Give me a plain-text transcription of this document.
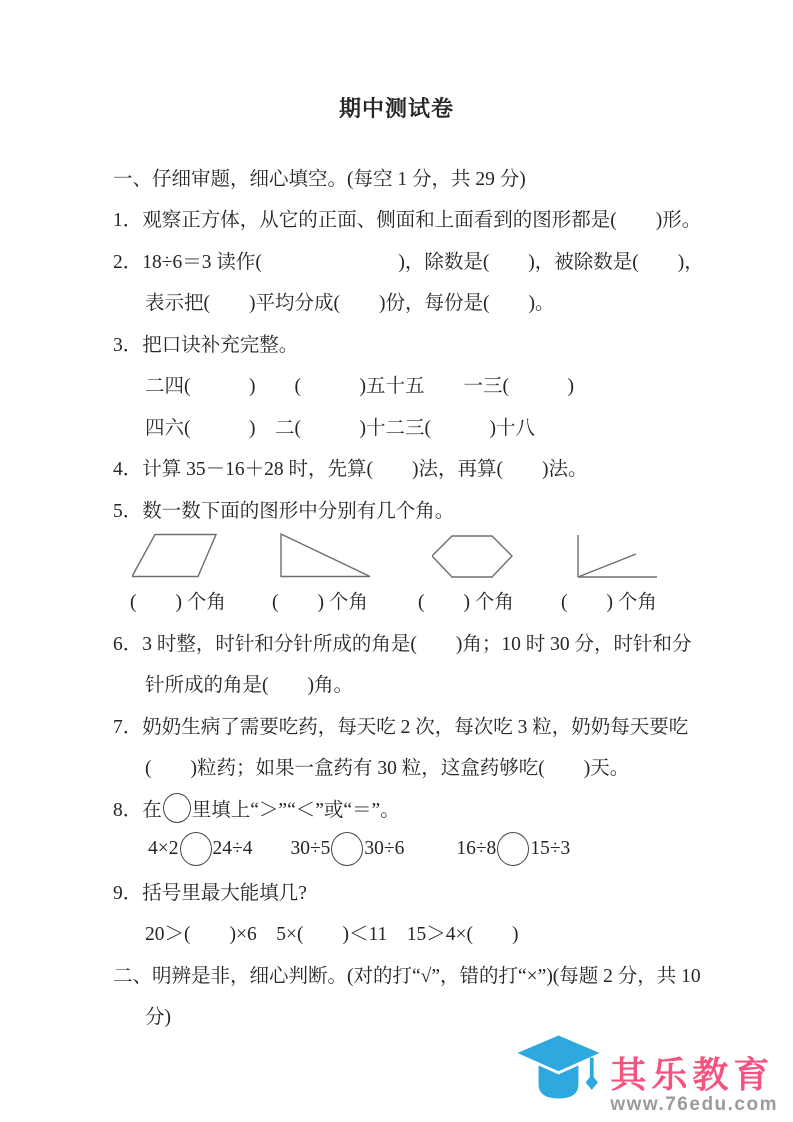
期中测试卷
一、仔细审题，细心填空。(每空 1 分，共 29 分)
1．观察正方体，从它的正面、侧面和上面看到的图形都是(　　)形。
2．18÷6＝3 读作(　　　　　　　)，除数是(　　)，被除数是(　　)，
表示把(　　)平均分成(　　)份，每份是(　　)。
3．把口诀补充完整。
二四(　　　)　　(　　　)五十五　　一三(　　　)
四六(　　　)　二(　　　)十二三(　　　)十八
4．计算 35－16＋28 时，先算(　　)法，再算(　　)法。
5．数一数下面的图形中分别有几个角。
(　　) 个角 (　　) 个角	(　　) 个角 (　　) 个角
6．3 时整，时针和分针所成的角是(　　)角；10 时 30 分，时针和分
针所成的角是(　　)角。
7．奶奶生病了需要吃药，每天吃 2 次，每次吃 3 粒，奶奶每天要吃
(　　)粒药；如果一盒药有 30 粒，这盒药够吃(　　)天。
8．在 里填上“＞”“＜”或“＝”。
4×2 24÷4 30÷5 30÷6	16÷8 15÷3
9．括号里最大能填几?
20＞(　　)×6　5×(　　)＜11　15＞4×(　　)
二、明辨是非，细心判断。(对的打“√”，错的打“×”)(每题 2 分，共 10
分)
其乐教育
www.76edu.com
